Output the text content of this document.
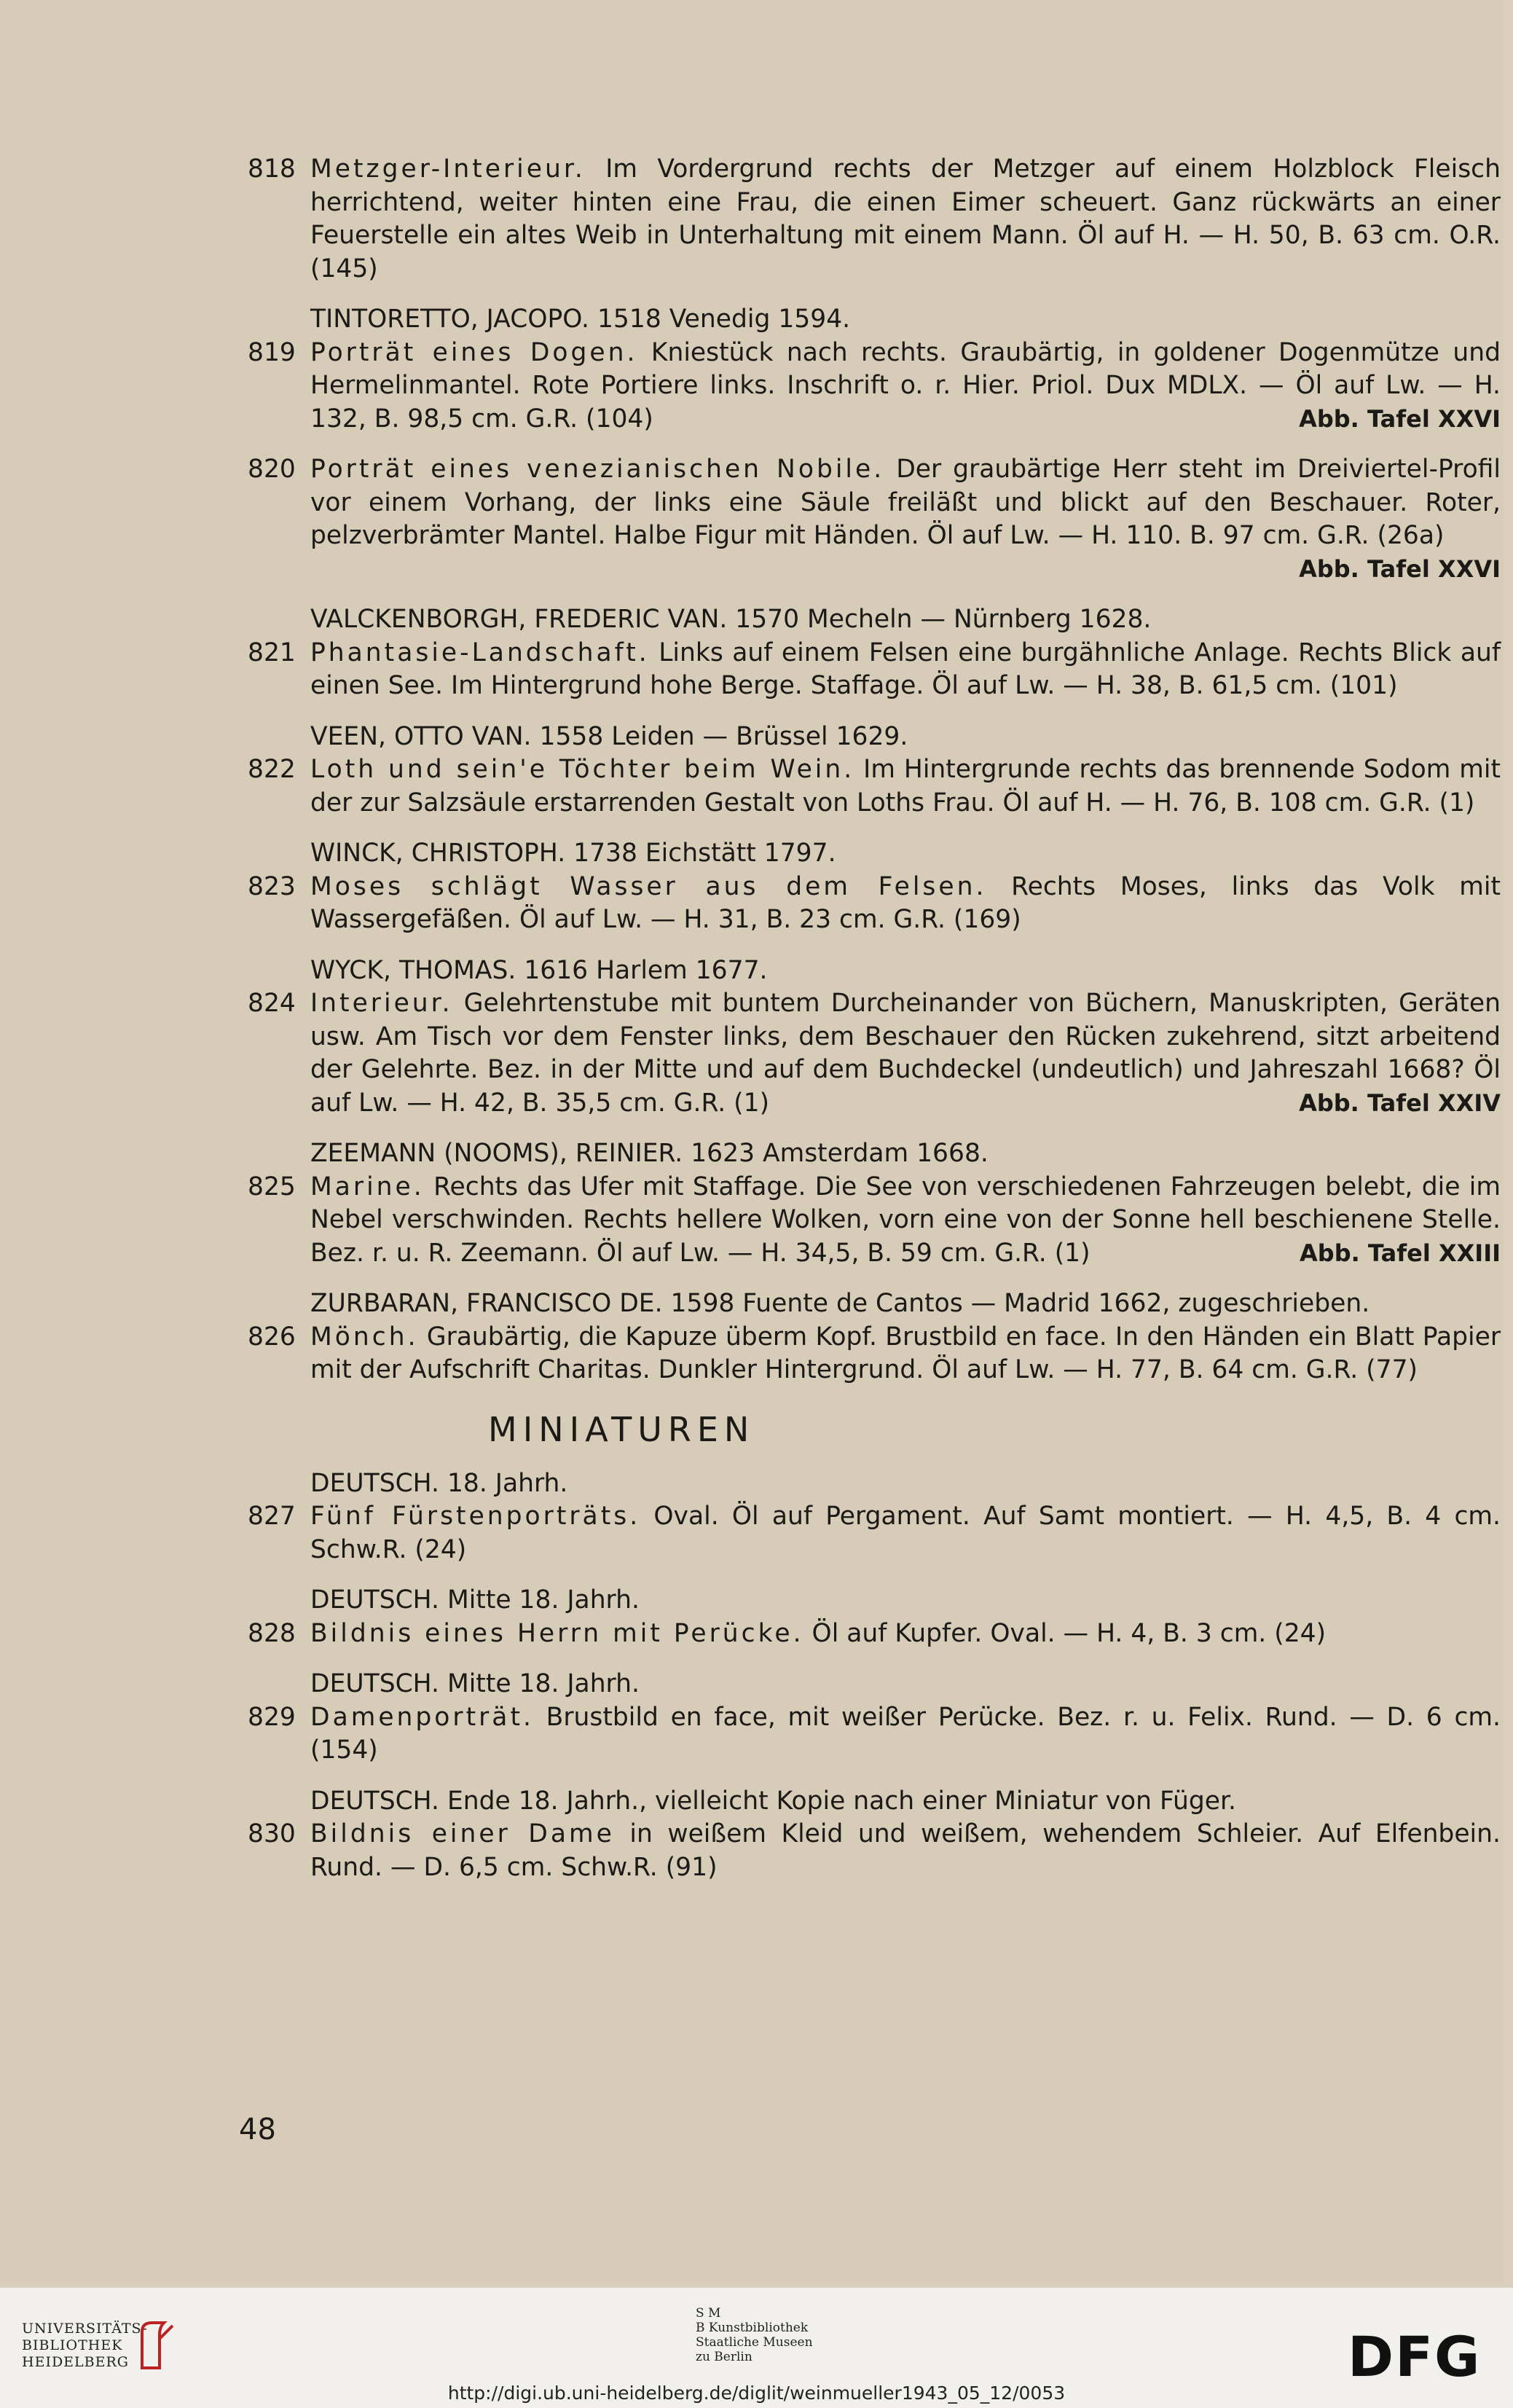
818 Metzger-Interieur. Im Vordergrund rechts der Metzger auf einem Holzblock Fleisch herrichtend, weiter hinten eine Frau, die einen Eimer scheuert. Ganz rückwärts an einer Feuerstelle ein altes Weib in Unterhaltung mit einem Mann. Öl auf H. — H. 50, B. 63 cm. O.R. (145)
TINTORETTO, JACOPO. 1518 Venedig 1594.
819 Porträt eines Dogen. Kniestück nach rechts. Graubärtig, in goldener Dogenmütze und Hermelinmantel. Rote Portiere links. Inschrift o. r. Hier. Priol. Dux MDLX. — Öl auf Lw. — H. 132, B. 98,5 cm. G.R. (104)	Abb. Tafel XXVI
820 Porträt eines venezianischen Nobile. Der graubärtige Herr steht im Dreiviertel-Profil vor einem Vorhang, der links eine Säule freiläßt und blickt auf den Beschauer. Roter, pelzverbrämter Mantel. Halbe Figur mit Händen. Öl auf Lw. — H. 110. B. 97 cm. G.R. (26a)
Abb. Tafel XXVI
VALCKENBORGH, FREDERIC VAN. 1570 Mecheln — Nürnberg 1628.
821 Phantasie-Landschaft. Links auf einem Felsen eine burgähnliche Anlage. Rechts Blick auf einen See. Im Hintergrund hohe Berge. Staffage. Öl auf Lw. — H. 38, B. 61,5 cm. (101)
VEEN, OTTO VAN. 1558 Leiden — Brüssel 1629.
822 Loth und sein'e Töchter beim Wein. Im Hintergrunde rechts das brennende Sodom mit der zur Salzsäule erstarrenden Gestalt von Loths Frau. Öl auf H. — H. 76, B. 108 cm. G.R. (1)
WINCK, CHRISTOPH. 1738 Eichstätt 1797.
823 Moses schlägt Wasser aus dem Felsen. Rechts Moses, links das Volk mit Wassergefäßen. Öl auf Lw. — H. 31, B. 23 cm. G.R. (169)
WYCK, THOMAS. 1616 Harlem 1677.
824 Interieur. Gelehrtenstube mit buntem Durcheinander von Büchern, Manuskripten, Geräten usw. Am Tisch vor dem Fenster links, dem Beschauer den Rücken zukehrend, sitzt arbeitend der Gelehrte. Bez. in der Mitte und auf dem Buchdeckel (undeutlich) und Jahreszahl 1668? Öl auf Lw. — H. 42, B. 35,5 cm. G.R. (1)	Abb. Tafel XXIV
ZEEMANN (NOOMS), REINIER. 1623 Amsterdam 1668.
825 Marine. Rechts das Ufer mit Staffage. Die See von verschiedenen Fahrzeugen belebt, die im Nebel verschwinden. Rechts hellere Wolken, vorn eine von der Sonne hell beschienene Stelle. Bez. r. u. R. Zeemann. Öl auf Lw. — H. 34,5, B. 59 cm. G.R. (1)	Abb. Tafel XXIII
ZURBARAN, FRANCISCO DE. 1598 Fuente de Cantos — Madrid 1662, zugeschrieben.
826 Mönch. Graubärtig, die Kapuze überm Kopf. Brustbild en face. In den Händen ein Blatt Papier mit der Aufschrift Charitas. Dunkler Hintergrund. Öl auf Lw. — H. 77, B. 64 cm. G.R. (77)
MINIATUREN
DEUTSCH. 18. Jahrh.
827 Fünf Fürstenporträts. Oval. Öl auf Pergament. Auf Samt montiert. — H. 4,5, B. 4 cm. Schw.R. (24)
DEUTSCH. Mitte 18. Jahrh.
828 Bildnis eines Herrn mit Perücke. Öl auf Kupfer. Oval. — H. 4, B. 3 cm. (24)
DEUTSCH. Mitte 18. Jahrh.
829 Damenporträt. Brustbild en face, mit weißer Perücke. Bez. r. u. Felix. Rund. — D. 6 cm. (154)
DEUTSCH. Ende 18. Jahrh., vielleicht Kopie nach einer Miniatur von Füger.
830 Bildnis einer Dame in weißem Kleid und weißem, wehendem Schleier. Auf Elfenbein. Rund. — D. 6,5 cm. Schw.R. (91)
48
UNIVERSITÄTS-
BIBLIOTHEK
HEIDELBERG
S M
B Kunstbibliothek
Staatliche Museen
zu Berlin	DFG
http://digi.ub.uni-heidelberg.de/diglit/weinmueller1943_05_12/0053
